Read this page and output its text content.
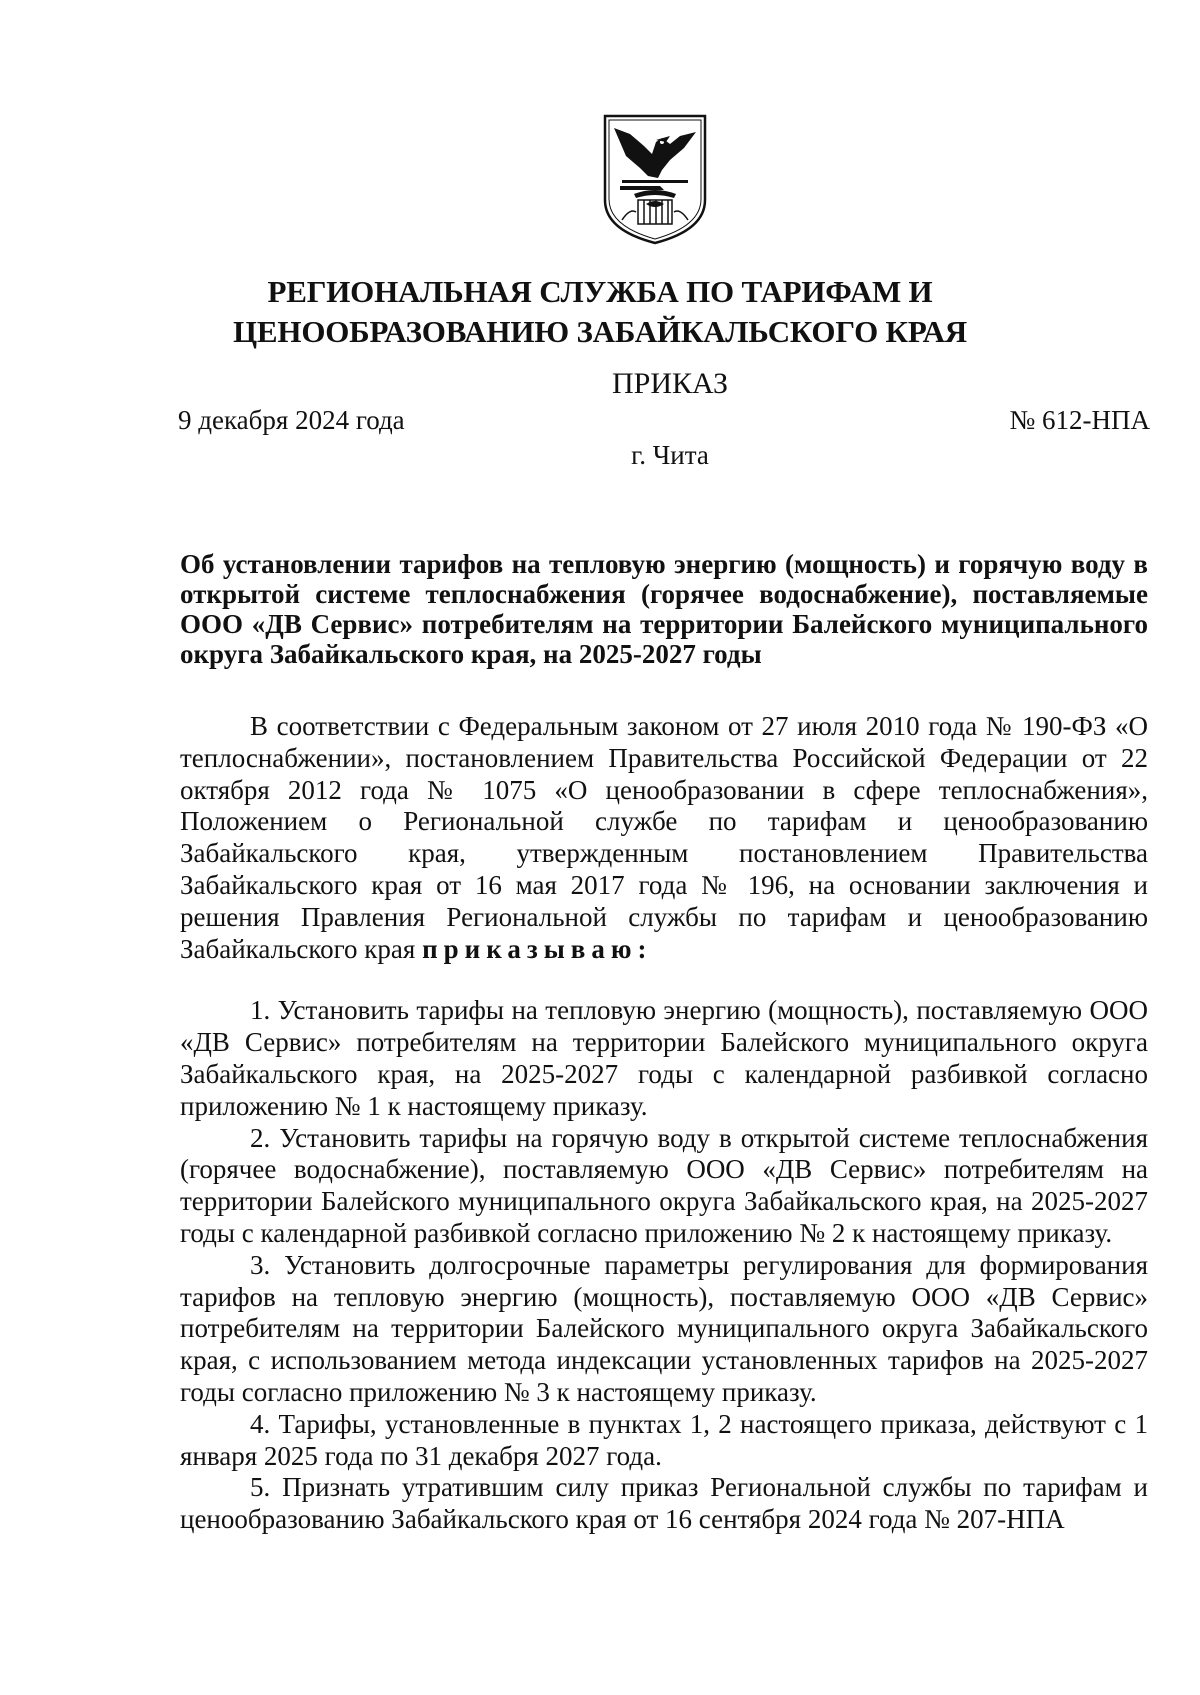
РЕГИОНАЛЬНАЯ СЛУЖБА ПО ТАРИФАМ И
ЦЕНООБРАЗОВАНИЮ ЗАБАЙКАЛЬСКОГО КРАЯ
ПРИКАЗ
9 декабря 2024 года	№ 612-НПА
г. Чита
Об установлении тарифов на тепловую энергию (мощность) и горячую воду в открытой системе теплоснабжения (горячее водоснабжение), поставляемые ООО «ДВ Сервис» потребителям на территории Балейского муниципального округа Забайкальского края, на 2025-2027 годы

В соответствии с Федеральным законом от 27 июля 2010 года № 190-ФЗ «О теплоснабжении», постановлением Правительства Российской Федерации от 22 октября 2012 года № 1075 «О ценообразовании в сфере теплоснабжения», Положением о Региональной службе по тарифам и ценообразованию Забайкальского края, утвержденным постановлением Правительства Забайкальского края от 16 мая 2017 года № 196, на основании заключения и решения Правления Региональной службы по тарифам и ценообразованию Забайкальского края приказываю:

1. Установить тарифы на тепловую энергию (мощность), поставляемую ООО «ДВ Сервис» потребителям на территории Балейского муниципального округа Забайкальского края, на 2025-2027 годы с календарной разбивкой согласно приложению № 1 к настоящему приказу.

2. Установить тарифы на горячую воду в открытой системе теплоснабжения (горячее водоснабжение), поставляемую ООО «ДВ Сервис» потребителям на территории Балейского муниципального округа Забайкальского края, на 2025-2027 годы с календарной разбивкой согласно приложению № 2 к настоящему приказу.

3. Установить долгосрочные параметры регулирования для формирования тарифов на тепловую энергию (мощность), поставляемую ООО «ДВ Сервис» потребителям на территории Балейского муниципального округа Забайкальского края, с использованием метода индексации установленных тарифов на 2025-2027 годы согласно приложению № 3 к настоящему приказу.

4. Тарифы, установленные в пунктах 1, 2 настоящего приказа, действуют с 1 января 2025 года по 31 декабря 2027 года.

5. Признать утратившим силу приказ Региональной службы по тарифам и ценообразованию Забайкальского края от 16 сентября 2024 года № 207-НПА
